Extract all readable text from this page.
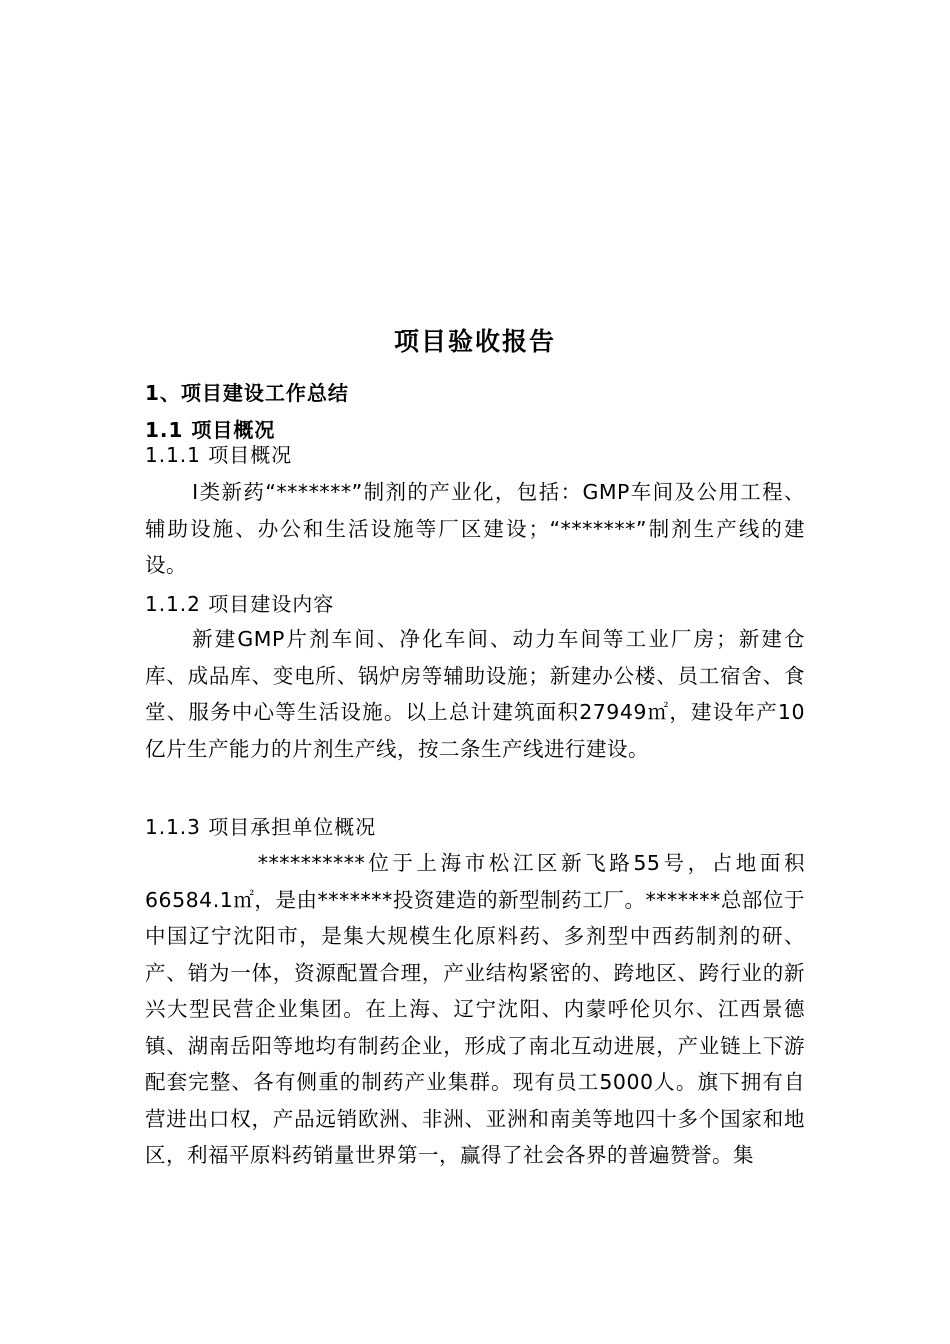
项目验收报告
1、项目建设工作总结
1.1 项目概况
1.1.1 项目概况
Ⅰ类新药“*******”制剂的产业化，包括：GMP车间及公用工程、辅助设施、办公和生活设施等厂区建设；“*******”制剂生产线的建设。
1.1.2 项目建设内容
新建GMP片剂车间、净化车间、动力车间等工业厂房；新建仓库、成品库、变电所、锅炉房等辅助设施；新建办公楼、员工宿舍、食堂、服务中心等生活设施。以上总计建筑面积27949㎡，建设年产10亿片生产能力的片剂生产线，按二条生产线进行建设。
1.1.3 项目承担单位概况
**********位于上海市松江区新飞路55号，占地面积66584.1㎡，是由*******投资建造的新型制药工厂。*******总部位于中国辽宁沈阳市，是集大规模生化原料药、多剂型中西药制剂的研、产、销为一体，资源配置合理，产业结构紧密的、跨地区、跨行业的新兴大型民营企业集团。在上海、辽宁沈阳、内蒙呼伦贝尔、江西景德镇、湖南岳阳等地均有制药企业，形成了南北互动进展，产业链上下游配套完整、各有侧重的制药产业集群。现有员工5000人。旗下拥有自营进出口权，产品远销欧洲、非洲、亚洲和南美等地四十多个国家和地区，利福平原料药销量世界第一，赢得了社会各界的普遍赞誉。集
